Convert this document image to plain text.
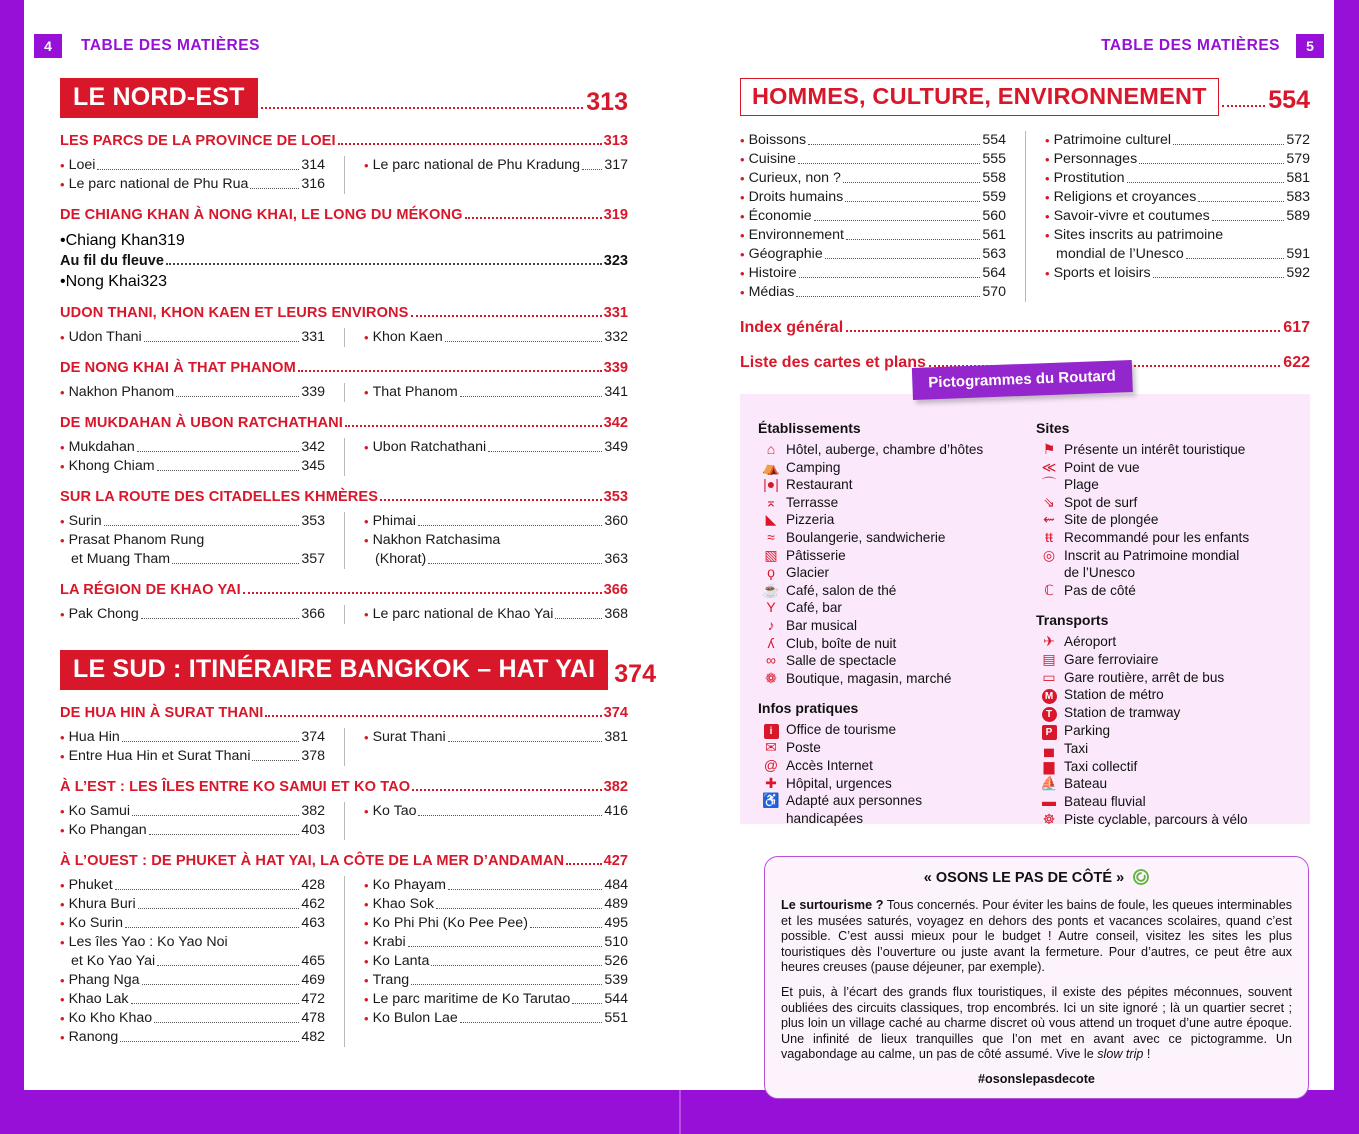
4 TABLE DES MATIÈRES	TABLE DES MATIÈRES 5
LE NORD-EST	313
LES PARCS DE LA PROVINCE DE LOEI	313
• Loei	314
• Le parc national de Phu Rua	316
• Le parc national de Phu Kradung 317
DE CHIANG KHAN À NONG KHAI, LE LONG DU MÉKONG	319
• Chiang Khan 319
Au fil du fleuve	323
• Nong Khai 323
UDON THANI, KHON KAEN ET LEURS ENVIRONS	331
• Udon Thani	331	• Khon Kaen	332
DE NONG KHAI À THAT PHANOM	339
• Nakhon Phanom	339	• That Phanom	341
DE MUKDAHAN À UBON RATCHATHANI	342
• Mukdahan	342
• Khong Chiam	345
• Ubon Ratchathani	349
SUR LA ROUTE DES CITADELLES KHMÈRES	353
• Surin	353
• Prasat Phanom Rung
et Muang Tham	357
• Phimai	360
• Nakhon Ratchasima
(Khorat)	363
LA RÉGION DE KHAO YAI	366
• Pak Chong	366	• Le parc national de Khao Yai	368
LE SUD : ITINÉRAIRE BANGKOK – HAT YAI 374
DE HUA HIN À SURAT THANI	374
• Hua Hin	374
• Entre Hua Hin et Surat Thani	378
• Surat Thani	381
À L’EST : LES ÎLES ENTRE KO SAMUI ET KO TAO	382
• Ko Samui	382
• Ko Phangan	403
• Ko Tao	416
À L’OUEST : DE PHUKET À HAT YAI, LA CÔTE DE LA MER D’ANDAMAN	427
• Phuket	428
• Khura Buri	462
• Ko Surin	463
• Les îles Yao : Ko Yao Noi
et Ko Yao Yai	465
• Phang Nga	469
• Khao Lak	472
• Ko Kho Khao	478
• Ranong	482
• Ko Phayam	484
• Khao Sok	489
• Ko Phi Phi (Ko Pee Pee)	495
• Krabi	510
• Ko Lanta	526
• Trang	539
• Le parc maritime de Ko Tarutao 544
• Ko Bulon Lae	551
HOMMES, CULTURE, ENVIRONNEMENT	554
• Boissons	554
• Cuisine	555
• Curieux, non ?	558
• Droits humains	559
• Économie	560
• Environnement	561
• Géographie	563
• Histoire	564
• Médias	570
• Patrimoine culturel	572
• Personnages	579
• Prostitution	581
• Religions et croyances	583
• Savoir-vivre et coutumes	589
• Sites inscrits au patrimoine
mondial de l’Unesco	591
• Sports et loisirs	592
Index général	617
Liste des cartes et plans	622
Établissements
⌂ Hôtel, auberge, chambre d’hôtes
⛺ Camping
|●| Restaurant
⌅ Terrasse
◣ Pizzeria
≈ Boulangerie, sandwicherie
▧ Pâtisserie
ϙ Glacier
☕ Café, salon de thé
Y Café, bar
♪ Bar musical
ʎ Club, boîte de nuit
∞ Salle de spectacle
❁ Boutique, magasin, marché
Infos pratiques
i	Office de tourisme
✉ Poste
@ Accès Internet
✚ Hôpital, urgences
♿ Adapté aux personnes
handicapées
Sites
⚑ Présente un intérêt touristique
≪ Point de vue
⌒ Plage
⇘ Spot de surf
⇜ Site de plongée
ŧŧ Recommandé pour les enfants
◎ Inscrit au Patrimoine mondial
de l’Unesco
ℂ Pas de côté
Transports
✈ Aéroport
▤ Gare ferroviaire
▭ Gare routière, arrêt de bus
M Station de métro
T Station de tramway
P Parking
▄ Taxi
▆ Taxi collectif
⛵ Bateau
▬ Bateau fluvial
☸ Piste cyclable, parcours à vélo
Pictogrammes du Routard
« OSONS LE PAS DE CÔTÉ »

Le surtourisme ? Tous concernés. Pour éviter les bains de foule, les queues interminables et les musées saturés, voyagez en dehors des ponts et vacances scolaires, quand c’est possible. C’est aussi mieux pour le budget ! Autre conseil, visitez les sites les plus touristiques dès l’ouverture ou juste avant la fermeture. Pour d’autres, ce peut être aux heures creuses (pause déjeuner, par exemple).

Et puis, à l’écart des grands flux touristiques, il existe des pépites méconnues, souvent oubliées des circuits classiques, trop encombrés. Ici un site ignoré ; là un quartier secret ; plus loin un village caché au charme discret où vous attend un troquet d’une autre époque. Une infinité de lieux tranquilles que l’on met en avant avec ce pictogramme. Un vagabondage au calme, un pas de côté assumé. Vive le slow trip !

#osonslepasdecote
